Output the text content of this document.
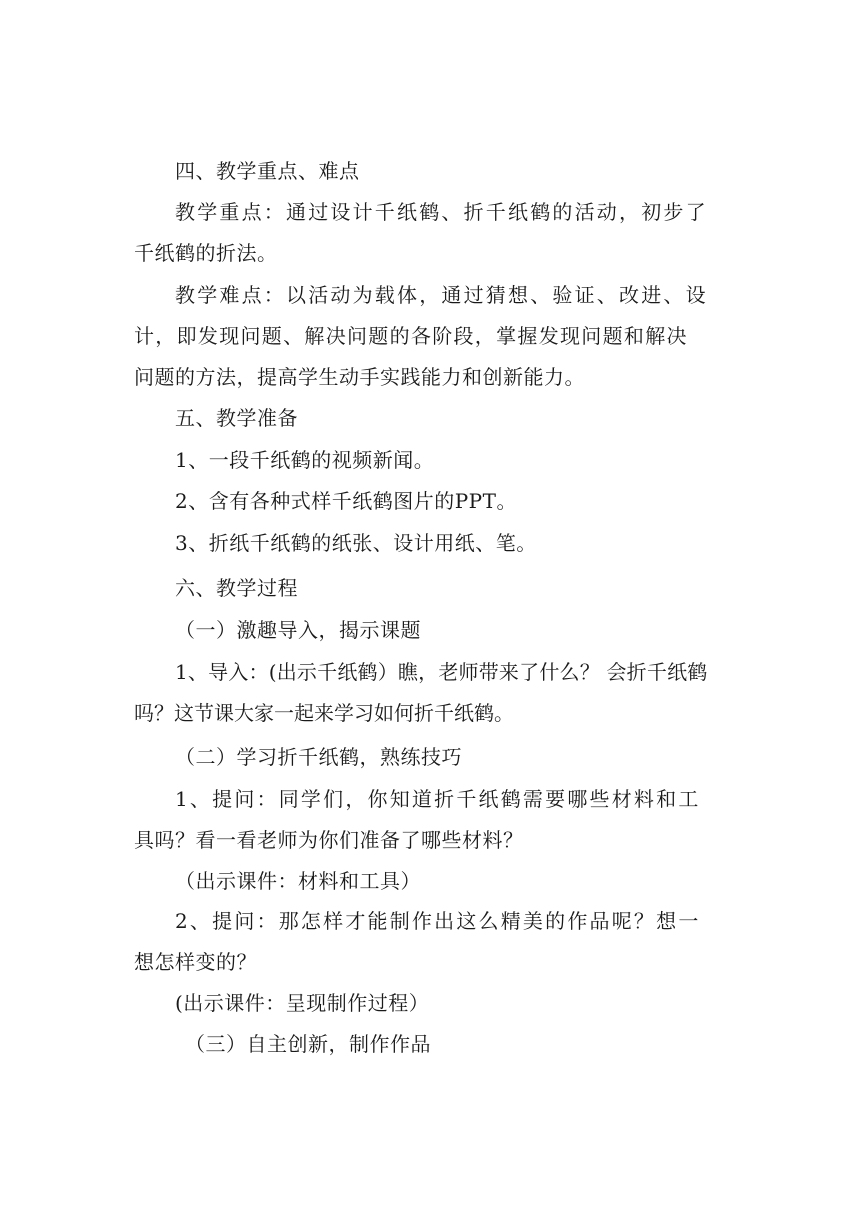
四、教学重点、难点
教学重点：通过设计千纸鹤、折千纸鹤的活动，初步了
千纸鹤的折法。
教学难点：以活动为载体，通过猜想、验证、改进、设
计，即发现问题、解决问题的各阶段，掌握发现问题和解决
问题的方法，提高学生动手实践能力和创新能力。
五、教学准备
1、一段千纸鹤的视频新闻。
2、含有各种式样千纸鹤图片的PPT。
3、折纸千纸鹤的纸张、设计用纸、笔。
六、教学过程
（一）激趣导入，揭示课题
1、导入：(出示千纸鹤）瞧，老师带来了什么？ 会折千纸鹤
吗？这节课大家一起来学习如何折千纸鹤。
（二）学习折千纸鹤，熟练技巧
1、提问：同学们，你知道折千纸鹤需要哪些材料和工
具吗？看一看老师为你们准备了哪些材料？
（出示课件：材料和工具）
2、提问：那怎样才能制作出这么精美的作品呢？想一
想怎样变的？
(出示课件：呈现制作过程）
（三）自主创新，制作作品
